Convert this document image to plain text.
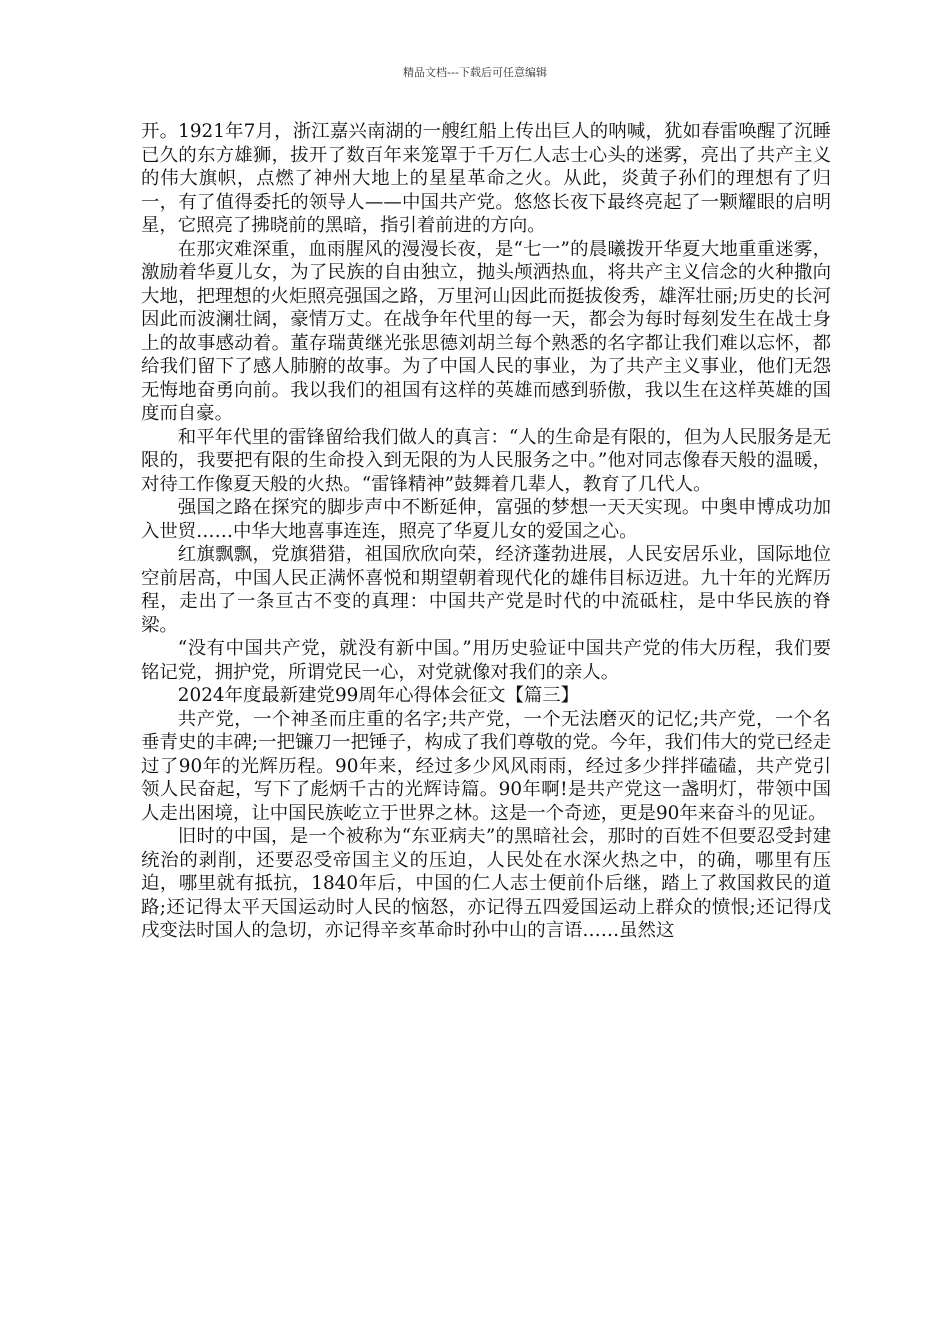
精品文档---下载后可任意编辑

开。1921年7月，浙江嘉兴南湖的一艘红船上传出巨人的呐喊，犹如春雷唤醒了沉睡已久的东方雄狮，拔开了数百年来笼罩于千万仁人志士心头的迷雾，亮出了共产主义的伟大旗帜，点燃了神州大地上的星星革命之火。从此，炎黄子孙们的理想有了归一，有了值得委托的领导人——中国共产党。悠悠长夜下最终亮起了一颗耀眼的启明星，它照亮了拂晓前的黑暗，指引着前进的方向。

在那灾难深重，血雨腥风的漫漫长夜，是“七一”的晨曦拨开华夏大地重重迷雾，激励着华夏儿女，为了民族的自由独立，抛头颅洒热血，将共产主义信念的火种撒向大地，把理想的火炬照亮强国之路，万里河山因此而挺拔俊秀，雄浑壮丽;历史的长河因此而波澜壮阔，豪情万丈。在战争年代里的每一天，都会为每时每刻发生在战士身上的故事感动着。董存瑞黄继光张思德刘胡兰每个熟悉的名字都让我们难以忘怀，都给我们留下了感人肺腑的故事。为了中国人民的事业，为了共产主义事业，他们无怨无悔地奋勇向前。我以我们的祖国有这样的英雄而感到骄傲，我以生在这样英雄的国度而自豪。

和平年代里的雷锋留给我们做人的真言：“人的生命是有限的，但为人民服务是无限的，我要把有限的生命投入到无限的为人民服务之中。”他对同志像春天般的温暖，对待工作像夏天般的火热。“雷锋精神”鼓舞着几辈人，教育了几代人。

强国之路在探究的脚步声中不断延伸，富强的梦想一天天实现。中奥申博成功加入世贸……中华大地喜事连连，照亮了华夏儿女的爱国之心。

红旗飘飘，党旗猎猎，祖国欣欣向荣，经济蓬勃进展，人民安居乐业，国际地位空前居高，中国人民正满怀喜悦和期望朝着现代化的雄伟目标迈进。九十年的光辉历程，走出了一条亘古不变的真理：中国共产党是时代的中流砥柱，是中华民族的脊梁。

“没有中国共产党，就没有新中国。”用历史验证中国共产党的伟大历程，我们要铭记党，拥护党，所谓党民一心，对党就像对我们的亲人。

2024年度最新建党99周年心得体会征文【篇三】

共产党，一个神圣而庄重的名字;共产党，一个无法磨灭的记忆;共产党，一个名垂青史的丰碑;一把镰刀一把锤子，构成了我们尊敬的党。今年，我们伟大的党已经走过了90年的光辉历程。90年来，经过多少风风雨雨，经过多少拌拌磕磕，共产党引领人民奋起，写下了彪炳千古的光辉诗篇。90年啊!是共产党这一盏明灯，带领中国人走出困境，让中国民族屹立于世界之林。这是一个奇迹，更是90年来奋斗的见证。

旧时的中国，是一个被称为“东亚病夫”的黑暗社会，那时的百姓不但要忍受封建统治的剥削，还要忍受帝国主义的压迫，人民处在水深火热之中，的确，哪里有压迫，哪里就有抵抗，1840年后，中国的仁人志士便前仆后继，踏上了救国救民的道路;还记得太平天国运动时人民的恼怒，亦记得五四爱国运动上群众的愤恨;还记得戊戌变法时国人的急切，亦记得辛亥革命时孙中山的言语……虽然这
